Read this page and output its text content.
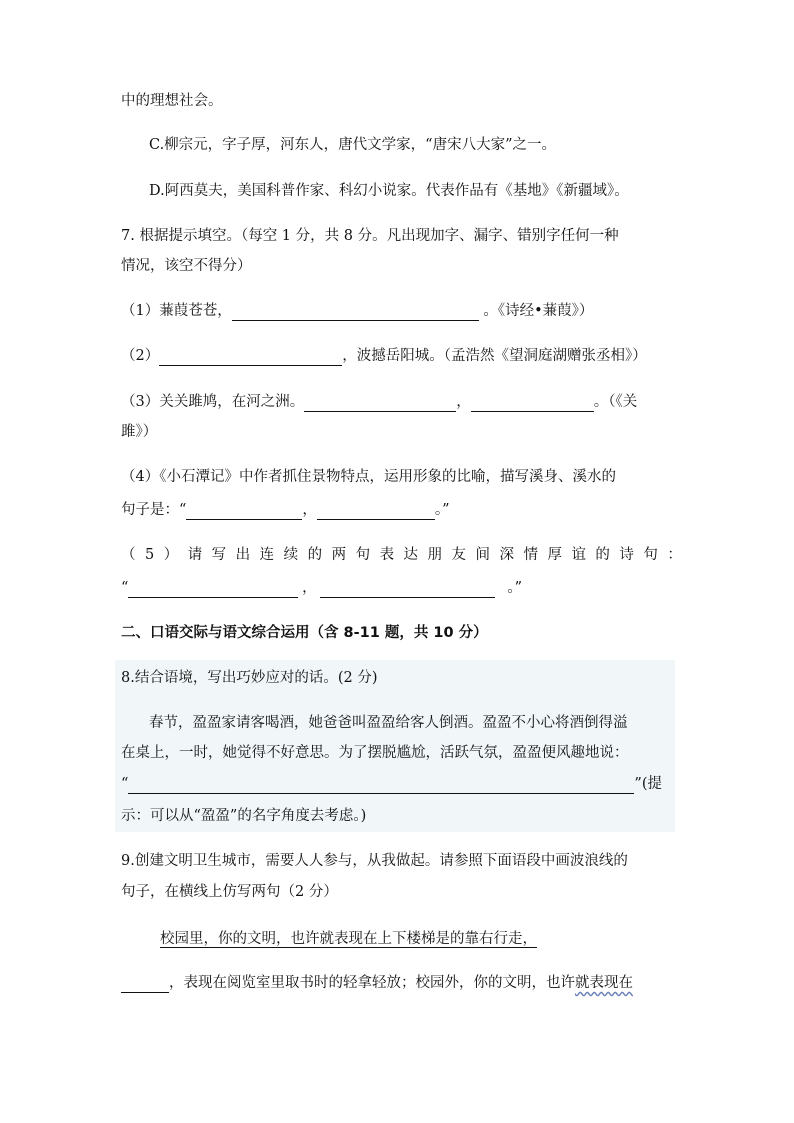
中的理想社会。
C.柳宗元，字子厚，河东人，唐代文学家，“唐宋八大家”之一。
D.阿西莫夫，美国科普作家、科幻小说家。代表作品有《基地》《新疆域》。
7. 根据提示填空。（每空 1 分，共 8 分。凡出现加字、漏字、错别字任何一种
情况，该空不得分）
（1）蒹葭苍苍，	。《诗经•蒹葭》）
（2）	，波撼岳阳城。（孟浩然《望洞庭湖赠张丞相》）
（3）关关雎鸠，在河之洲。	，	。（《关
雎》）
（4）《小石潭记》中作者抓住景物特点，运用形象的比喻，描写溪身、溪水的
句子是：“	，	。”
（ 5 ） 请 写 出 连 续 的 两 句 表 达 朋 友 间 深 情 厚 谊 的 诗 句 ：
“	，	。”
二、口语交际与语文综合运用（含 8-11 题，共 10 分）
8.结合语境，写出巧妙应对的话。(2 分)
春节，盈盈家请客喝酒，她爸爸叫盈盈给客人倒酒。盈盈不小心将酒倒得溢
在桌上，一时，她觉得不好意思。为了摆脱尴尬，活跃气氛，盈盈便风趣地说：
“	”(提
示：可以从“盈盈”的名字角度去考虑。)
9.创建文明卫生城市，需要人人参与，从我做起。请参照下面语段中画波浪线的
句子，在横线上仿写两句（2 分）
校园里，你的文明，也许就表现在上下楼梯是的靠右行走，
，表现在阅览室里取书时的轻拿轻放；校园外，你的文明，也许就表现在
